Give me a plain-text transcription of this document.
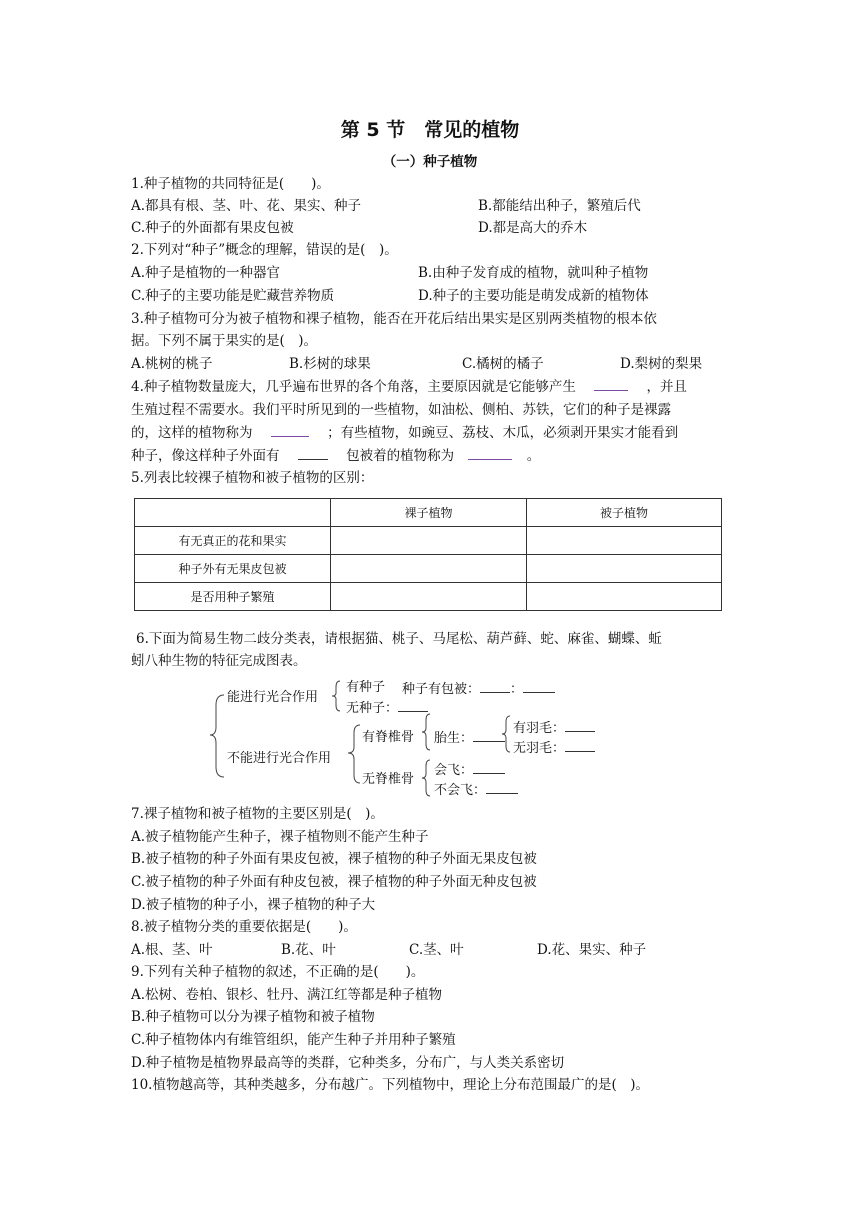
第 5 节　常见的植物
（一）种子植物
1.种子植物的共同特征是(　　)。
A.都具有根、茎、叶、花、果实、种子	B.都能结出种子，繁殖后代
C.种子的外面都有果皮包被	D.都是高大的乔木
2.下列对“种子”概念的理解，错误的是(　)。
A.种子是植物的一种器官	B.由种子发育成的植物，就叫种子植物
C.种子的主要功能是贮藏营养物质	D.种子的主要功能是萌发成新的植物体
3.种子植物可分为被子植物和裸子植物，能否在开花后结出果实是区别两类植物的根本依
据。下列不属于果实的是(　)。
A.桃树的桃子	B.杉树的球果	C.橘树的橘子	D.梨树的梨果
4.种子植物数量庞大，几乎遍布世界的各个角落，主要原因就是它能够产生	，并且
生殖过程不需要水。我们平时所见到的一些植物，如油松、侧柏、苏铁，它们的种子是裸露
的，这样的植物称为	；有些植物，如豌豆、荔枝、木瓜，必须剥开果实才能看到
种子，像这样种子外面有	包被着的植物称为	。
5.列表比较裸子植物和被子植物的区别：
	裸子植物	被子植物
有无真正的花和果实		
种子外有无果皮包被		
是否用种子繁殖		
6.下面为简易生物二歧分类表，请根据猫、桃子、马尾松、葫芦藓、蛇、麻雀、蝴蝶、蚯
蚓八种生物的特征完成图表。
能进行光合作用
有种子 种子有包被： ：
无种子：
不能进行光合作用
有脊椎骨 胎生：
有羽毛：
无羽毛：
无脊椎骨
会飞：
不会飞：
7.裸子植物和被子植物的主要区别是(　)。
A.被子植物能产生种子，裸子植物则不能产生种子
B.被子植物的种子外面有果皮包被，裸子植物的种子外面无果皮包被
C.被子植物的种子外面有种皮包被，裸子植物的种子外面无种皮包被
D.被子植物的种子小，裸子植物的种子大
8.被子植物分类的重要依据是(　　)。
A.根、茎、叶	B.花、叶	C.茎、叶	D.花、果实、种子
9.下列有关种子植物的叙述，不正确的是(　　)。
A.松树、卷柏、银杉、牡丹、满江红等都是种子植物
B.种子植物可以分为裸子植物和被子植物
C.种子植物体内有维管组织，能产生种子并用种子繁殖
D.种子植物是植物界最高等的类群，它种类多，分布广，与人类关系密切
10.植物越高等，其种类越多，分布越广。下列植物中，理论上分布范围最广的是(　)。
